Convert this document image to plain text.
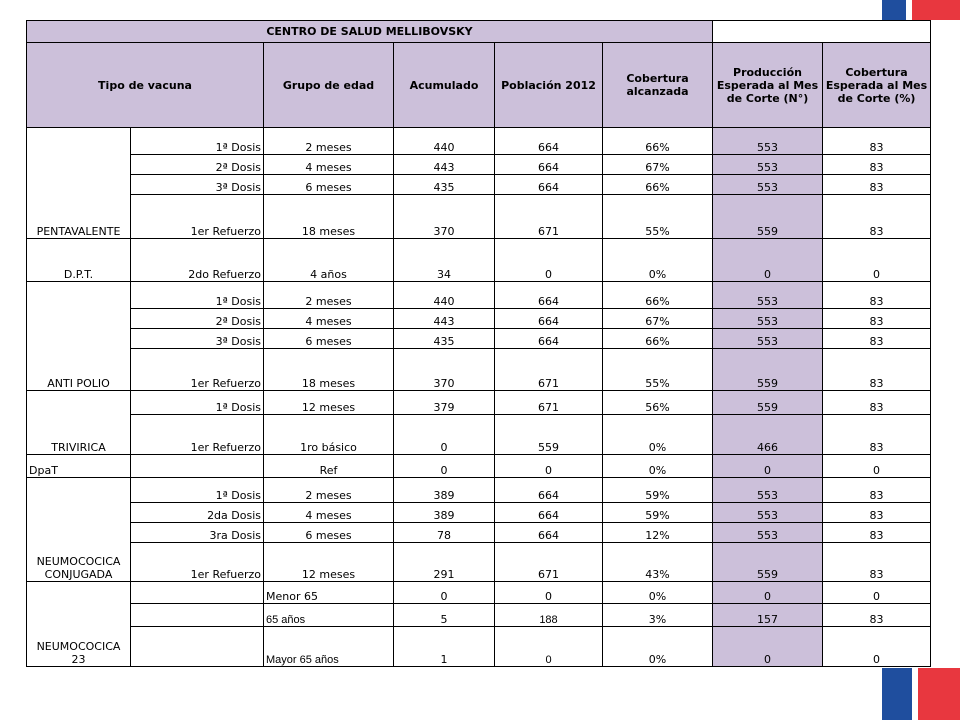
CENTRO DE SALUD MELLIBOVSKY							
Tipo de vacuna		Grupo de edad	Acumulado	Población 2012	Cobertura alcanzada	Producción Esperada al Mes de Corte (N°)	Cobertura Esperada al Mes de Corte (%)
PENTAVALENTE	1ª Dosis	2 meses	440	664	66%	553	83
	2ª Dosis	4 meses	443	664	67%	553	83
	3ª Dosis	6 meses	435	664	66%	553	83
	1er Refuerzo	18 meses	370	671	55%	559	83
D.P.T.	2do Refuerzo	4 años	34	0	0%	0	0
ANTI POLIO	1ª Dosis	2 meses	440	664	66%	553	83
	2ª Dosis	4 meses	443	664	67%	553	83
	3ª Dosis	6 meses	435	664	66%	553	83
	1er Refuerzo	18 meses	370	671	55%	559	83
TRIVIRICA	1ª Dosis	12 meses	379	671	56%	559	83
	1er Refuerzo	1ro básico	0	559	0%	466	83
DpaT		Ref	0	0	0%	0	0
NEUMOCOCICA CONJUGADA	1ª Dosis	2 meses	389	664	59%	553	83
	2da Dosis	4 meses	389	664	59%	553	83
	3ra Dosis	6 meses	78	664	12%	553	83
	1er Refuerzo	12 meses	291	671	43%	559	83
NEUMOCOCICA 23		Menor 65	0	0	0%	0	0
		65 años	5	188	3%	157	83
		Mayor 65 años	1	0	0%	0	0
